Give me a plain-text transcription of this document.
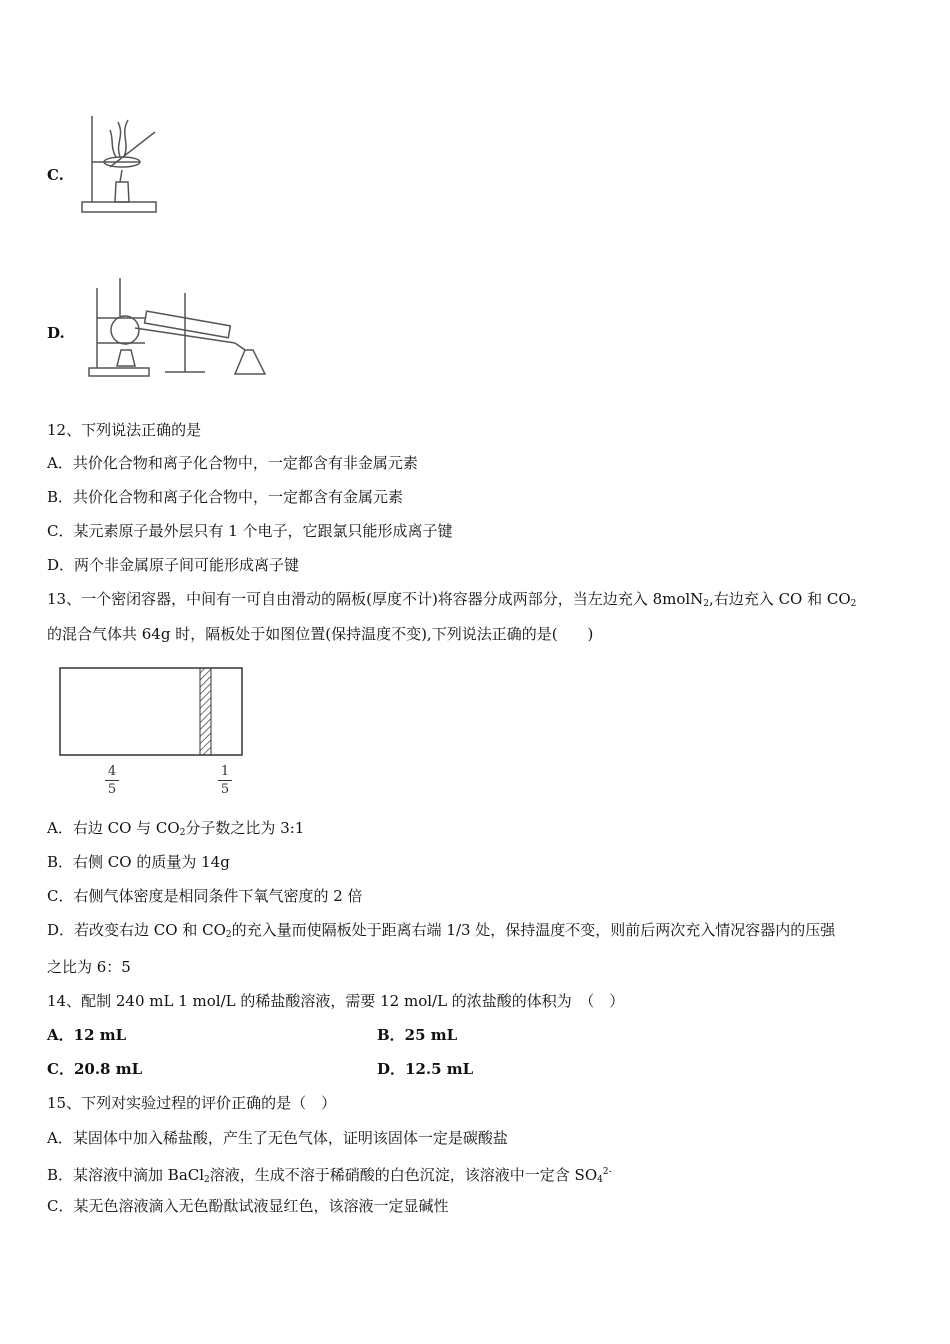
C.
D.
12、下列说法正确的是
A．共价化合物和离子化合物中，一定都含有非金属元素
B．共价化合物和离子化合物中，一定都含有金属元素
C．某元素原子最外层只有 1 个电子，它跟氯只能形成离子键
D．两个非金属原子间可能形成离子键
13、一个密闭容器，中间有一可自由滑动的隔板(厚度不计)将容器分成两部分，当左边充入 8molN$_2$,右边充入 CO 和 $CO_2$
的混合气体共 64g 时，隔板处于如图位置(保持温度不变),下列说法正确的是(　　)
4
5
1
5
A．右边 CO 与 $CO_2$分子数之比为 3:1
B．右侧 CO 的质量为 14g
C．右侧气体密度是相同条件下氧气密度的 2 倍
D．若改变右边 CO 和 $CO_2$的充入量而使隔板处于距离右端 1/3 处，保持温度不变，则前后两次充入情况容器内的压强
之比为 6：5
14、配制 240 mL 1 mol/L 的稀盐酸溶液，需要 12 mol/L 的浓盐酸的体积为　（　）
A．12 mL	B．25 mL
C．20.8 mL	D．12.5 mL
15、下列对实验过程的评价正确的是（　）
A．某固体中加入稀盐酸，产生了无色气体，证明该固体一定是碳酸盐
B．某溶液中滴加 BaCl$_2$溶液，生成不溶于稀硝酸的白色沉淀，该溶液中一定含 $SO_4^{2-}$
C．某无色溶液滴入无色酚酞试液显红色，该溶液一定显碱性
